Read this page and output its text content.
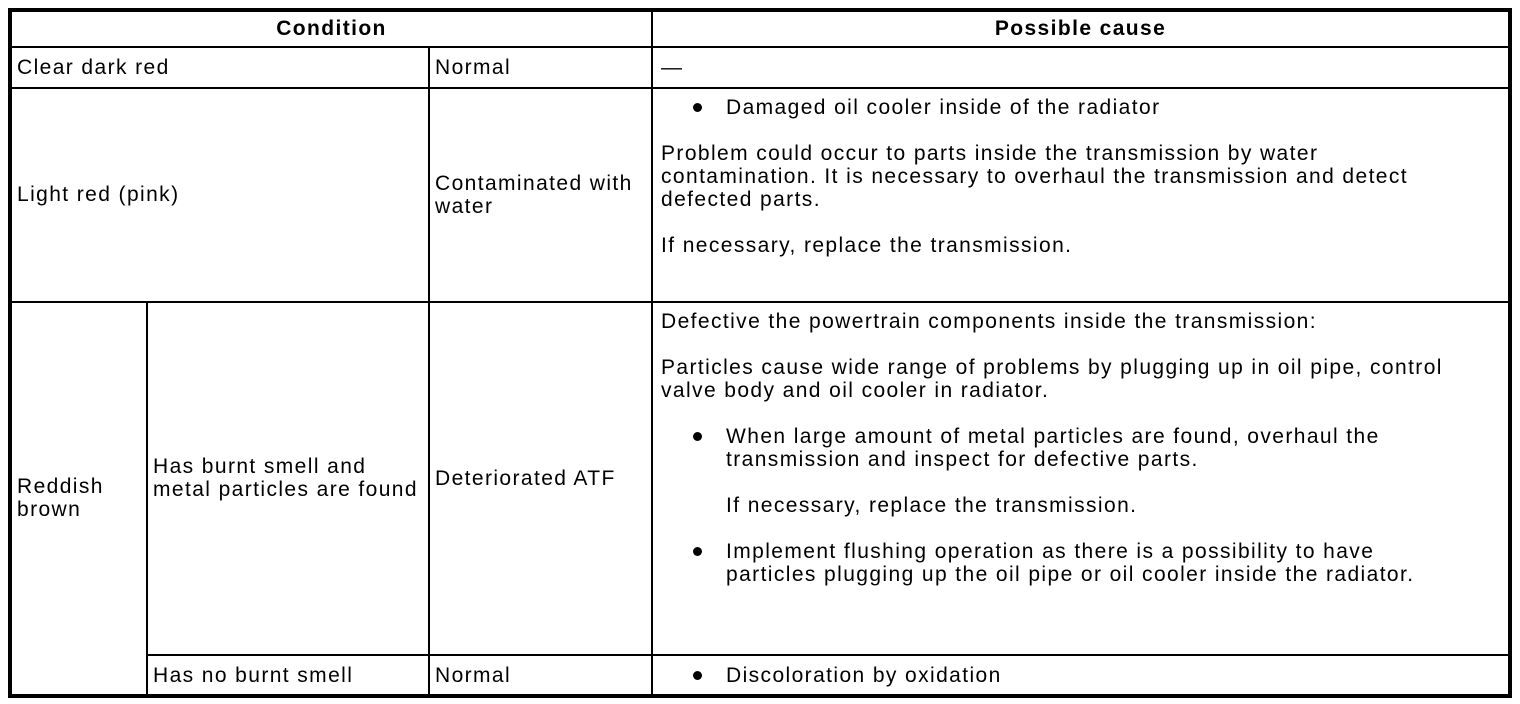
Condition			Possible cause
Clear dark red		Normal	—

Light red (pink)		Contaminated with water	Damaged oil cooler inside of the radiator
Problem could occur to parts inside the transmission by water contamination. It is necessary to overhaul the transmission and detect defected parts.
If necessary, replace the transmission.

Reddish brown	Has burnt smell and metal particles are found	Deteriorated ATF	Defective the powertrain components inside the transmission:
Particles cause wide range of problems by plugging up in oil pipe, control valve body and oil cooler in radiator.
When large amount of metal particles are found, overhaul the transmission and inspect for defective parts.
If necessary, replace the transmission.
Implement flushing operation as there is a possibility to have particles plugging up the oil pipe or oil cooler inside the radiator.

	Has no burnt smell	Normal	Discoloration by oxidation
